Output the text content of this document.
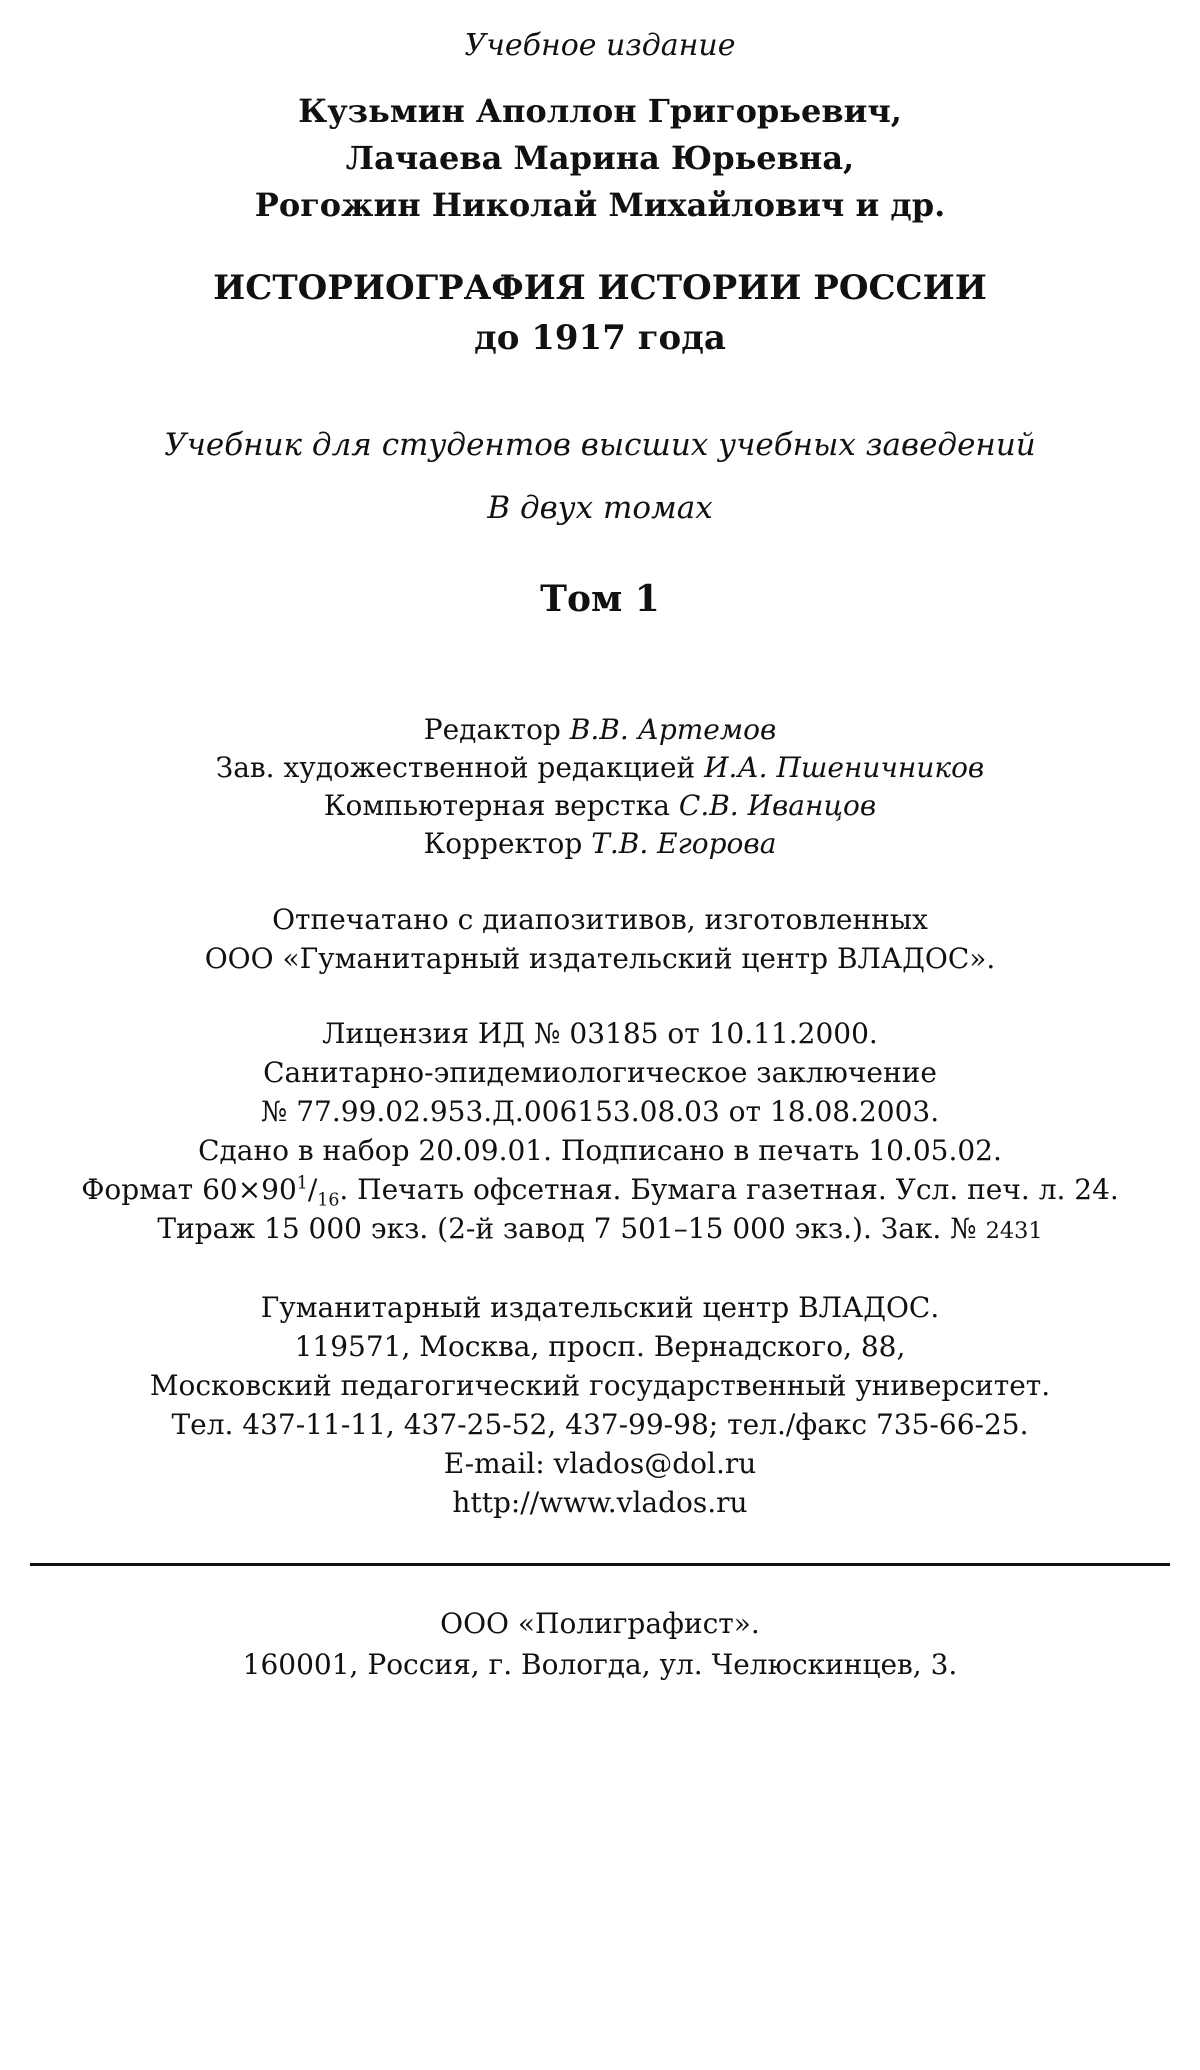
Учебное издание
Кузьмин Аполлон Григорьевич,
Лачаева Марина Юрьевна,
Рогожин Николай Михайлович и др.
ИСТОРИОГРАФИЯ ИСТОРИИ РОССИИ
до 1917 года
Учебник для студентов высших учебных заведений
В двух томах
Том 1
Редактор В.В. Артемов
Зав. художественной редакцией И.А. Пшеничников
Компьютерная верстка С.В. Иванцов
Корректор Т.В. Егорова
Отпечатано с диапозитивов, изготовленных
ООО «Гуманитарный издательский центр ВЛАДОС».
Лицензия ИД № 03185 от 10.11.2000.
Санитарно-эпидемиологическое заключение
№ 77.99.02.953.Д.006153.08.03 от 18.08.2003.
Сдано в набор 20.09.01. Подписано в печать 10.05.02.
Формат $60\times 90^1/_{16}$. Печать офсетная. Бумага газетная. Усл. печ. л. 24.
Тираж 15 000 экз. (2-й завод 7 501–15 000 экз.). Зак. № 2431
Гуманитарный издательский центр ВЛАДОС.
119571, Москва, просп. Вернадского, 88,
Московский педагогический государственный университет.
Тел. 437-11-11, 437-25-52, 437-99-98; тел./факс 735-66-25.
E-mail: vlados@dol.ru
http://www.vlados.ru
ООО «Полиграфист».
160001, Россия, г. Вологда, ул. Челюскинцев, 3.
